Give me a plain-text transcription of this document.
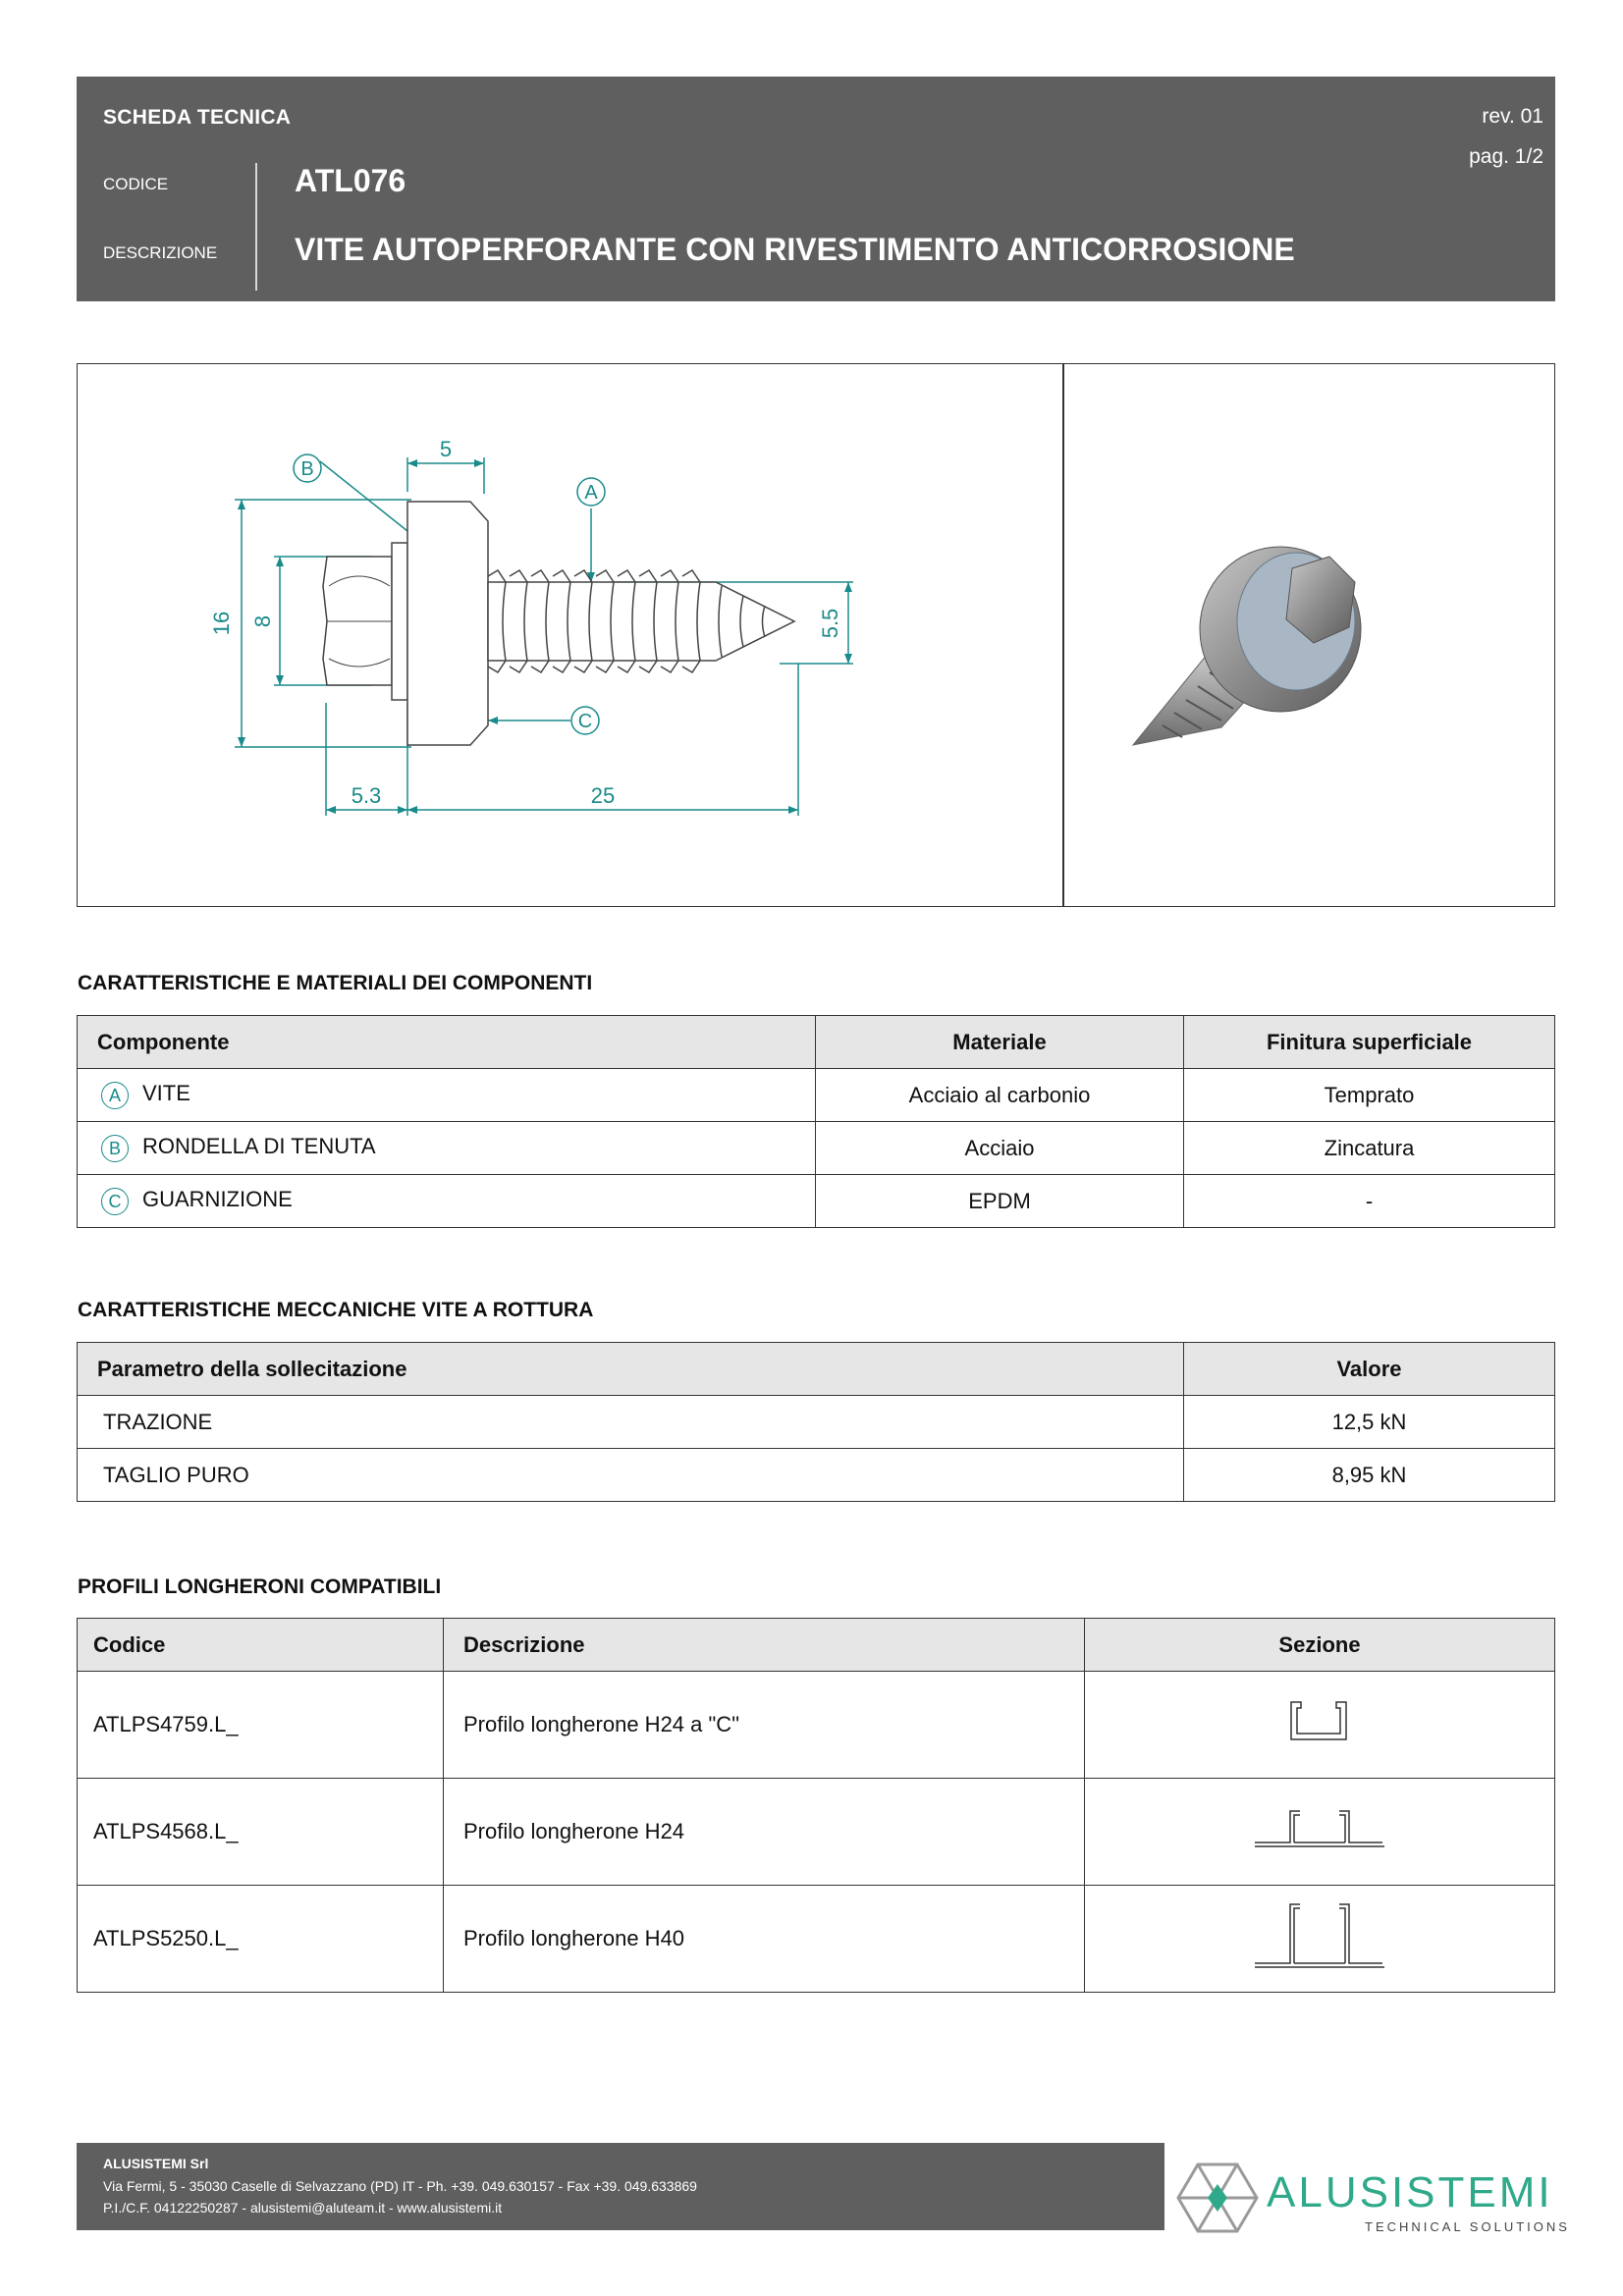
SCHEDA TECNICA
CODICE
DESCRIZIONE
ATL076
VITE AUTOPERFORANTE CON RIVESTIMENTO ANTICORROSIONE
rev. 01
pag. 1/2
B
A
C
5
5.3	25
16 8	5.5
CARATTERISTICHE E MATERIALI DEI COMPONENTI
Componente	Materiale	Finitura superficiale
A VITE	Acciaio al carbonio	Temprato
B RONDELLA DI TENUTA	Acciaio	Zincatura
C GUARNIZIONE	EPDM	-
CARATTERISTICHE MECCANICHE VITE A ROTTURA
Parametro della sollecitazione	Valore
TRAZIONE	12,5 kN
TAGLIO PURO	8,95 kN
PROFILI LONGHERONI COMPATIBILI
Codice	Descrizione	Sezione
ATLPS4759.L_	Profilo longherone H24 a "C"	
ATLPS4568.L_	Profilo longherone H24	
ATLPS5250.L_	Profilo longherone H40	
ALUSISTEMI Srl
Via Fermi, 5 - 35030 Caselle di Selvazzano (PD) IT - Ph. +39. 049.630157 - Fax +39. 049.633869
P.I./C.F. 04122250287 - alusistemi@aluteam.it - www.alusistemi.it	ALUSISTEMI
TECHNICAL SOLUTIONS
